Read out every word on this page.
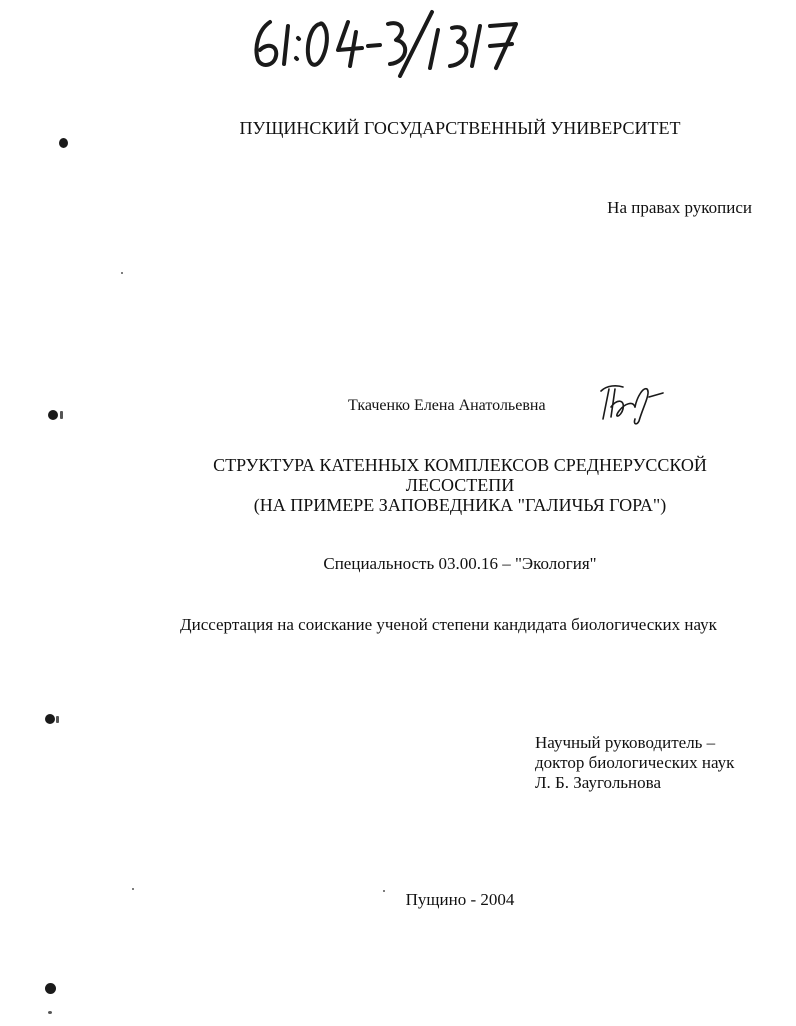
ПУЩИНСКИЙ ГОСУДАРСТВЕННЫЙ УНИВЕРСИТЕТ
На правах рукописи
Ткаченко Елена Анатольевна
СТРУКТУРА КАТЕННЫХ КОМПЛЕКСОВ СРЕДНЕРУССКОЙ
ЛЕСОСТЕПИ
(НА ПРИМЕРЕ ЗАПОВЕДНИКА "ГАЛИЧЬЯ ГОРА")
Специальность 03.00.16 – "Экология"
Диссертация на соискание ученой степени кандидата биологических наук
Научный руководитель –
доктор биологических наук
Л. Б. Заугольнова
Пущино - 2004
